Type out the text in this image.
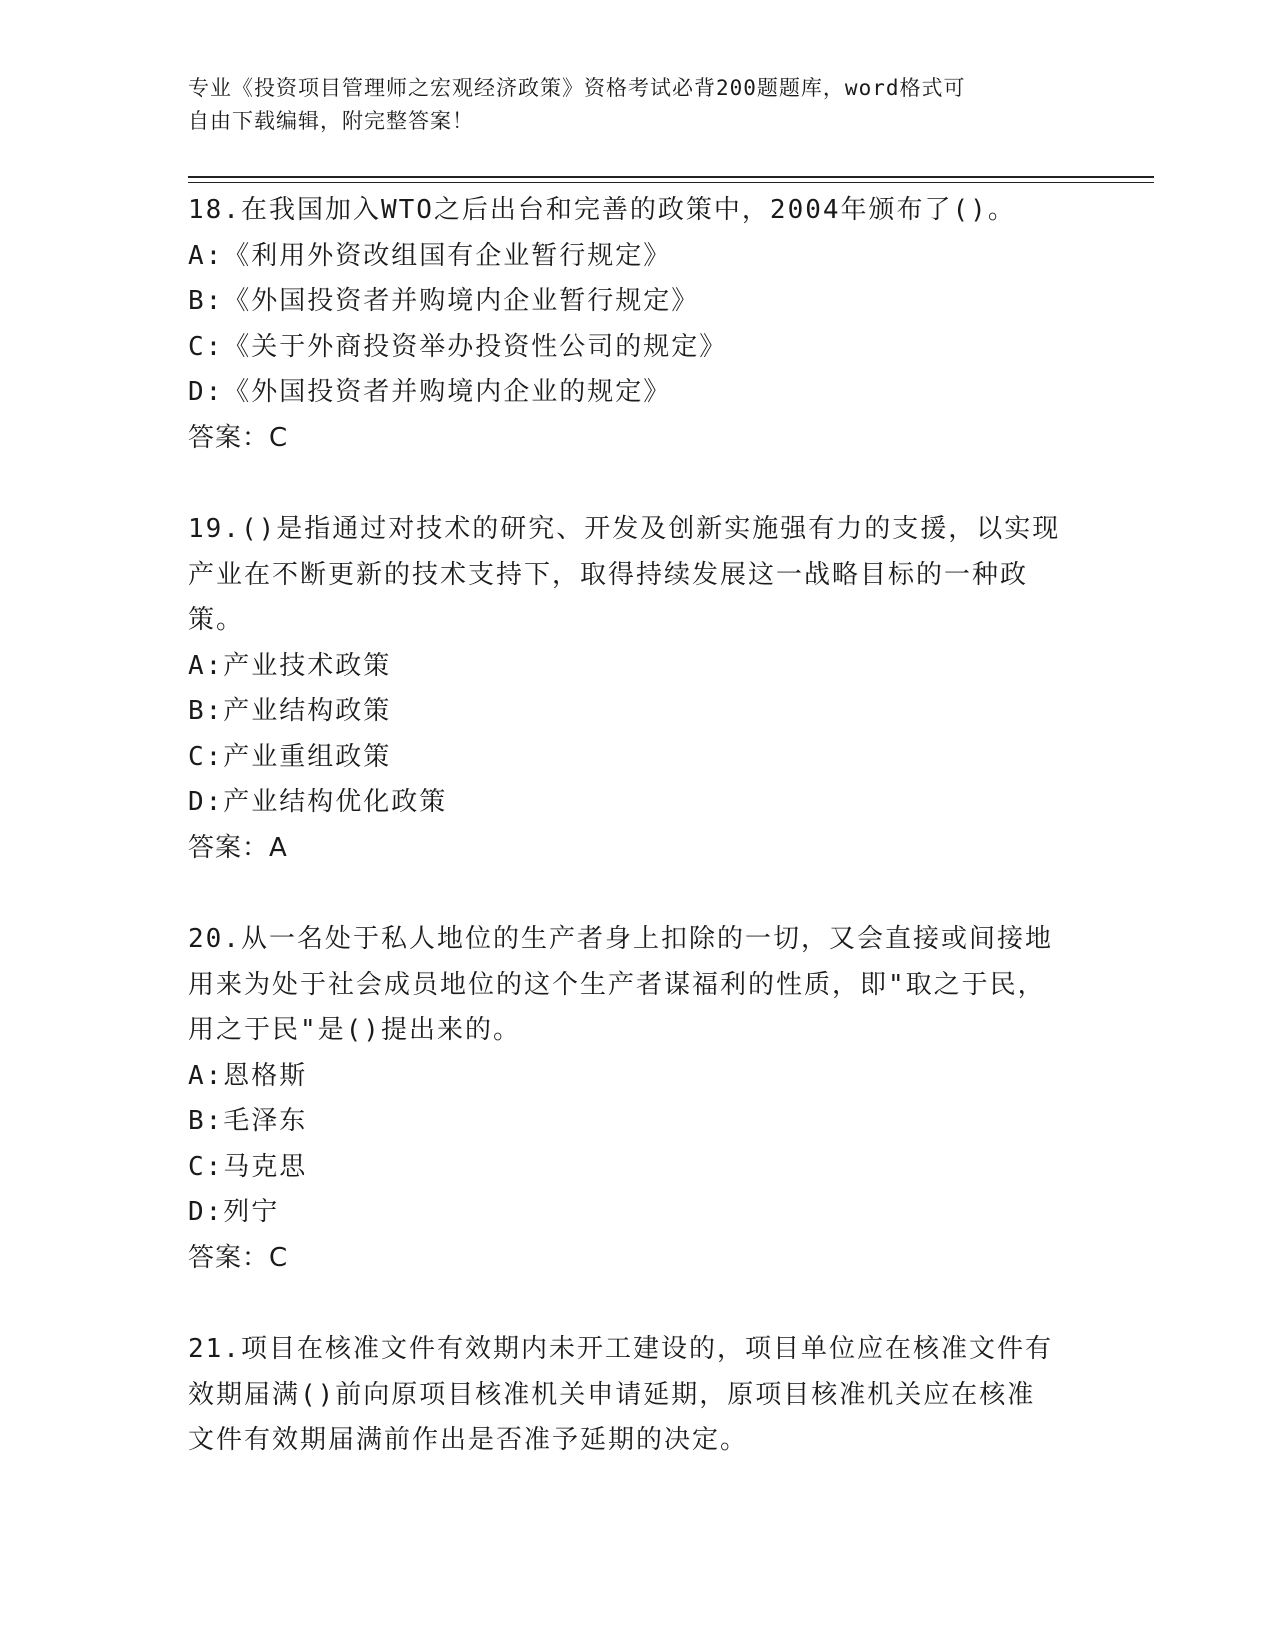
专业《投资项目管理师之宏观经济政策》资格考试必背200题题库，word格式可
自由下载编辑，附完整答案！
18.在我国加入WTO之后出台和完善的政策中，2004年颁布了()。
A:《利用外资改组国有企业暂行规定》
B:《外国投资者并购境内企业暂行规定》
C:《关于外商投资举办投资性公司的规定》
D:《外国投资者并购境内企业的规定》
答案：C
19.()是指通过对技术的研究、开发及创新实施强有力的支援，以实现
产业在不断更新的技术支持下，取得持续发展这一战略目标的一种政
策。
A:产业技术政策
B:产业结构政策
C:产业重组政策
D:产业结构优化政策
答案：A
20.从一名处于私人地位的生产者身上扣除的一切，又会直接或间接地
用来为处于社会成员地位的这个生产者谋福利的性质，即"取之于民，
用之于民"是()提出来的。
A:恩格斯
B:毛泽东
C:马克思
D:列宁
答案：C
21.项目在核准文件有效期内未开工建设的，项目单位应在核准文件有
效期届满()前向原项目核准机关申请延期，原项目核准机关应在核准
文件有效期届满前作出是否准予延期的决定。
